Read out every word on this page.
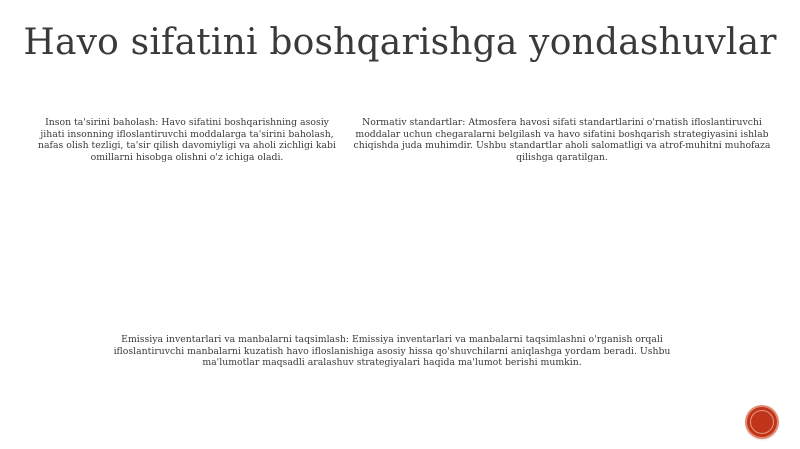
Havo sifatini boshqarishga yondashuvlar

Inson ta'sirini baholash: Havo sifatini boshqarishning asosiy jihati insonning ifloslantiruvchi moddalarga ta'sirini baholash, nafas olish tezligi, ta'sir qilish davomiyligi va aholi zichligi kabi omillarni hisobga olishni o'z ichiga oladi.

Normativ standartlar: Atmosfera havosi sifati standartlarini o'rnatish ifloslantiruvchi moddalar uchun chegaralarni belgilash va havo sifatini boshqarish strategiyasini ishlab chiqishda juda muhimdir. Ushbu standartlar aholi salomatligi va atrof-muhitni muhofaza qilishga qaratilgan.

Emissiya inventarlari va manbalarni taqsimlash: Emissiya inventarlari va manbalarni taqsimlashni o'rganish orqali ifloslantiruvchi manbalarni kuzatish havo ifloslanishiga asosiy hissa qo'shuvchilarni aniqlashga yordam beradi. Ushbu ma'lumotlar maqsadli aralashuv strategiyalari haqida ma'lumot berishi mumkin.
